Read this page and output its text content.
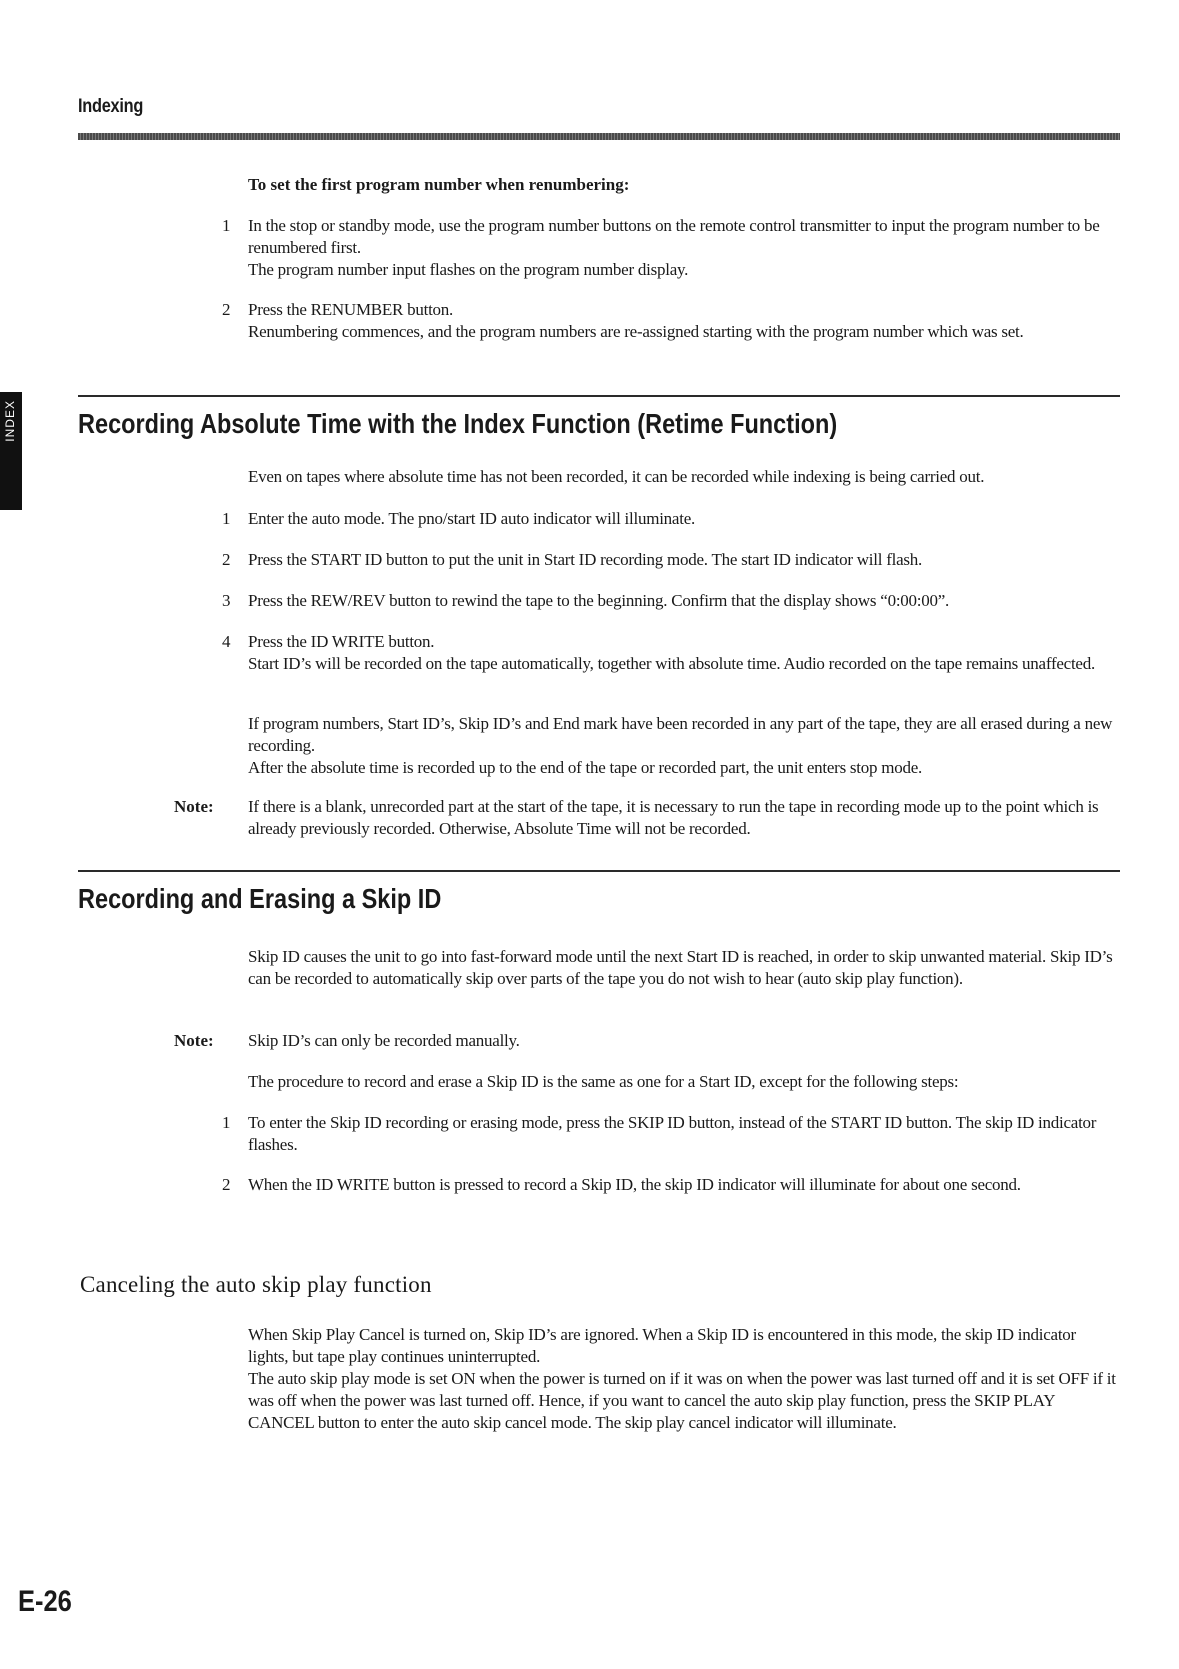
Indexing
INDEX
To set the first program number when renumbering:
1 In the stop or standby mode, use the program number buttons on the remote control transmitter to input the program number to be renumbered first.

The program number input flashes on the program number display.

2 Press the RENUMBER button.

Renumbering commences, and the program numbers are re-assigned starting with the program number which was set.

Recording Absolute Time with the Index Function (Retime Function)
Even on tapes where absolute time has not been recorded, it can be recorded while indexing is being carried out.
1 Enter the auto mode. The pno/start ID auto indicator will illuminate.
2 Press the START ID button to put the unit in Start ID recording mode. The start ID indicator will flash.
3 Press the REW/REV button to rewind the tape to the beginning. Confirm that the display shows “0:00:00”.
4 Press the ID WRITE button.

Start ID’s will be recorded on the tape automatically, together with absolute time. Audio recorded on the tape remains unaffected.

If program numbers, Start ID’s, Skip ID’s and End mark have been recorded in any part of the tape, they are all erased during a new recording.

After the absolute time is recorded up to the end of the tape or recorded part, the unit enters stop mode.

Note: If there is a blank, unrecorded part at the start of the tape, it is necessary to run the tape in recording mode up to the point which is already previously recorded. Otherwise, Absolute Time will not be recorded.
Recording and Erasing a Skip ID
Skip ID causes the unit to go into fast-forward mode until the next Start ID is reached, in order to skip unwanted material. Skip ID’s can be recorded to automatically skip over parts of the tape you do not wish to hear (auto skip play function).
Note: Skip ID’s can only be recorded manually.
The procedure to record and erase a Skip ID is the same as one for a Start ID, except for the following steps:
1 To enter the Skip ID recording or erasing mode, press the SKIP ID button, instead of the START ID button. The skip ID indicator flashes.
2 When the ID WRITE button is pressed to record a Skip ID, the skip ID indicator will illuminate for about one second.
Canceling the auto skip play function

When Skip Play Cancel is turned on, Skip ID’s are ignored. When a Skip ID is encountered in this mode, the skip ID indicator lights, but tape play continues uninterrupted.

The auto skip play mode is set ON when the power is turned on if it was on when the power was last turned off and it is set OFF if it was off when the power was last turned off. Hence, if you want to cancel the auto skip play function, press the SKIP PLAY CANCEL button to enter the auto skip cancel mode. The skip play cancel indicator will illuminate.

E-26
